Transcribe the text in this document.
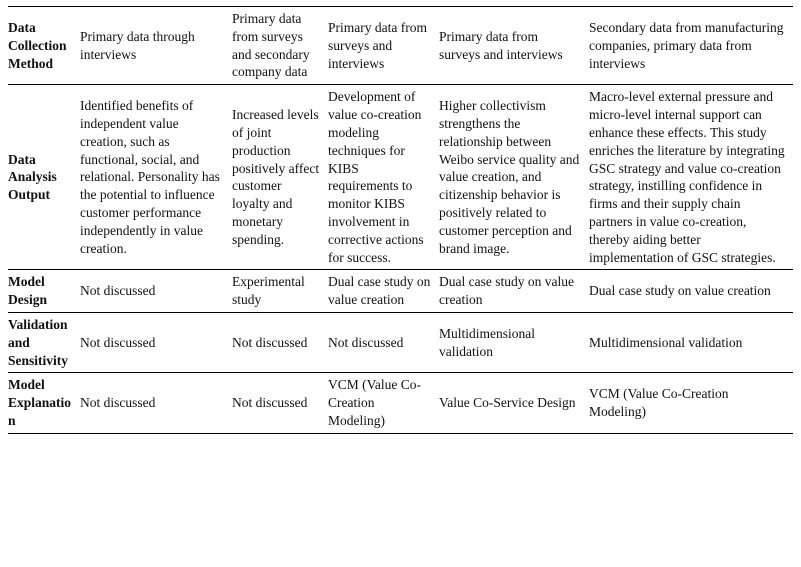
Data Collection Method	Primary data through interviews	Primary data from surveys and secondary company data	Primary data from surveys and interviews	Primary data from surveys and interviews	Secondary data from manufacturing companies, primary data from interviews
Data Analysis Output	Identified benefits of independent value creation, such as functional, social, and relational. Personality has the potential to influence customer performance independently in value creation.	Increased levels of joint production positively affect customer loyalty and monetary spending.	Development of value co-creation modeling techniques for KIBS requirements to monitor KIBS involvement in corrective actions for success.	Higher collectivism strengthens the relationship between Weibo service quality and value creation, and citizenship behavior is positively related to customer perception and brand image.	Macro-level external pressure and micro-level internal support can enhance these effects. This study enriches the literature by integrating GSC strategy and value co-creation strategy, instilling confidence in firms and their supply chain partners in value co-creation, thereby aiding better implementation of GSC strategies.
Model Design	Not discussed	Experimental study	Dual case study on value creation	Dual case study on value creation	Dual case study on value creation
Validation and Sensitivity	Not discussed	Not discussed	Not discussed	Multidimensional validation	Multidimensional validation
Model Explanation	Not discussed	Not discussed	VCM (Value Co-Creation Modeling)	Value Co-Service Design	VCM (Value Co-Creation Modeling)
